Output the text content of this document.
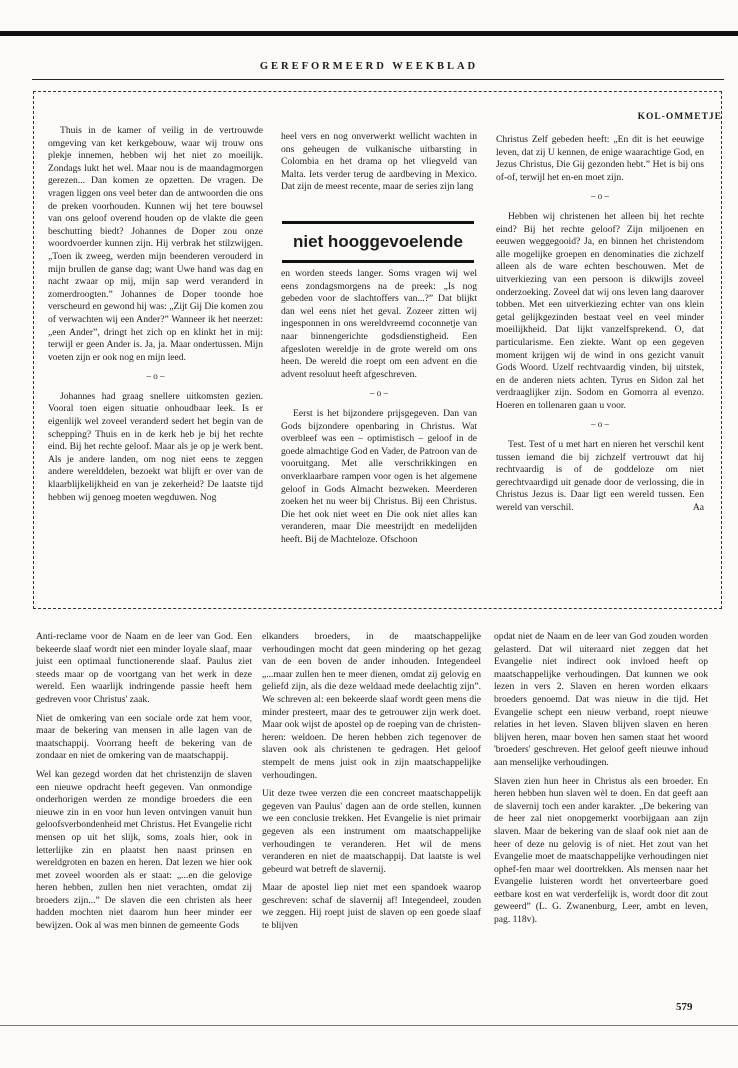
GEREFORMEERD WEEKBLAD
KOL-OMMETJE

Thuis in de kamer of veilig in de vertrouwde omgeving van ket kerkgebouw, waar wij trouw ons plekje innemen, hebben wij het niet zo moeilijk. Zondags lukt het wel. Maar nou is de maandagmorgen gerezen... Dan komen ze opzetten. De vragen. De vragen liggen ons veel beter dan de antwoorden die ons de preken voorhouden. Kunnen wij het tere bouwsel van ons geloof overend houden op de vlakte die geen beschutting biedt? Johannes de Doper zou onze woordvoerder kunnen zijn. Hij verbrak het stilzwijgen. „Toen ik zweeg, werden mijn beenderen verouderd in mijn brullen de ganse dag; want Uwe hand was dag en nacht zwaar op mij, mijn sap werd veranderd in zomerdroogten.” Johannes de Doper toonde hoe verscheurd en gewond hij was: „Zijt Gij Die komen zou of verwachten wij een Ander?” Wanneer ik het neerzet: „een Ander”, dringt het zich op en klinkt het in mij: terwijl er geen Ander is. Ja, ja. Maar ondertussen. Mijn voeten zijn er ook nog en mijn leed.

– o –

Johannes had graag snellere uitkomsten gezien. Vooral toen eigen situatie onhoudbaar leek. Is er eigenlijk wel zoveel veranderd sedert het begin van de schepping? Thuis en in de kerk heb je bij het rechte eind. Bij het rechte geloof. Maar als je op je werk bent. Als je andere landen, om nog niet eens te zeggen andere werelddelen, bezoekt wat blijft er over van de klaarblijkelijkheid en van je zekerheid? De laatste tijd hebben wij genoeg moeten wegduwen. Nog

heel vers en nog onverwerkt wellicht wachten in ons geheugen de vulkanische uitbarsting in Colombia en het drama op het vliegveld van Malta. Iets verder terug de aardbeving in Mexico. Dat zijn de meest recente, maar de series zijn lang

niet hooggevoelende

en worden steeds langer. Soms vragen wij wel eens zondagsmorgens na de preek: „Is nog gebeden voor de slachtoffers van...?” Dat blijkt dan wel eens niet het geval. Zozeer zitten wij ingesponnen in ons wereldvreemd coconnetje van naar binnengerichte godsdienstigheid. Een afgesloten wereldje in de grote wereld om ons heen. De wereld die roept om een advent en die advent resoluut heeft afgeschreven.

– o –

Eerst is het bijzondere prijsgegeven. Dan van Gods bijzondere openbaring in Christus. Wat overbleef was een – optimistisch – geloof in de goede almachtige God en Vader, de Patroon van de vooruitgang. Met alle verschrikkingen en onverklaarbare rampen voor ogen is het algemene geloof in Gods Almacht bezweken. Meerderen zoeken het nu weer bij Christus. Bij een Christus. Die het ook niet weet en Die ook niet alles kan veranderen, maar Die meestrijdt en medelijden heeft. Bij de Machteloze. Ofschoon

Christus Zelf gebeden heeft: „En dit is het eeuwige leven, dat zij U kennen, de enige waarachtige God, en Jezus Christus, Die Gij gezonden hebt.” Het is bij ons of-of, terwijl het en-en moet zijn.

– o –

Hebben wij christenen het alleen bij het rechte eind? Bij het rechte geloof? Zijn miljoenen en eeuwen weggegooid? Ja, en binnen het christendom alle mogelijke groepen en denominaties die zichzelf alleen als de ware echten beschouwen. Met de uitverkiezing van een persoon is dikwijls zoveel onderzoeking. Zoveel dat wij ons leven lang daarover tobben. Met een uitverkiezing echter van ons klein getal gelijkgezinden bestaat veel en veel minder moeilijkheid. Dat lijkt vanzelfsprekend. O, dat particularisme. Een ziekte. Want op een gegeven moment krijgen wij de wind in ons gezicht vanuit Gods Woord. Uzelf rechtvaardig vinden, bij uitstek, en de anderen niets achten. Tyrus en Sidon zal het verdraaglijker zijn. Sodom en Gomorra al evenzo. Hoeren en tollenaren gaan u voor.

– o –

Test. Test of u met hart en nieren het verschil kent tussen iemand die bij zichzelf vertrouwt dat hij rechtvaardig is of de goddeloze om niet gerechtvaardigd uit genade door de verlossing, die in Christus Jezus is. Daar ligt een wereld tussen. Een wereld van verschil.	Aa

Anti-reclame voor de Naam en de leer van God. Een bekeerde slaaf wordt niet een minder loyale slaaf, maar juist een optimaal functionerende slaaf. Paulus ziet steeds maar op de voortgang van het werk in deze wereld. Een waarlijk indringende passie heeft hem gedreven voor Christus' zaak.

Niet de omkering van een sociale orde zat hem voor, maar de bekering van mensen in alle lagen van de maatschappij. Voorrang heeft de bekering van de zondaar en niet de omkering van de maatschappij.

Wel kan gezegd worden dat het christenzijn de slaven een nieuwe opdracht heeft gegeven. Van onmondige onderhorigen werden ze mondige broeders die een nieuwe zin in en voor hun leven ontvingen vanuit hun geloofsverbondenheid met Christus. Het Evangelie richt mensen op uit het slijk, soms, zoals hier, ook in letterlijke zin en plaatst hen naast prinsen en wereldgroten en bazen en heren. Dat lezen we hier ook met zoveel woorden als er staat: „...en die gelovige heren hebben, zullen hen niet verachten, omdat zij broeders zijn...” De slaven die een christen als heer hadden mochten niet daarom hun heer minder eer bewijzen. Ook al was men binnen de gemeente Gods

elkanders broeders, in de maatschappelijke verhoudingen mocht dat geen mindering op het gezag van de een boven de ander inhouden. Integendeel „...maar zullen hen te meer dienen, omdat zij gelovig en geliefd zijn, als die deze weldaad mede deelachtig zijn”. We schreven al: een bekeerde slaaf wordt geen mens die minder presteert, maar des te getrouwer zijn werk doet. Maar ook wijst de apostel op de roeping van de christen-heren: weldoen. De heren hebben zich tegenover de slaven ook als christenen te gedragen. Het geloof stempelt de mens juist ook in zijn maatschappelijke verhoudingen.

Uit deze twee verzen die een concreet maatschappelijk gegeven van Paulus' dagen aan de orde stellen, kunnen we een conclusie trekken. Het Evangelie is niet primair gegeven als een instrument om maatschappelijke verhoudingen te veranderen. Het wil de mens veranderen en niet de maatschappij. Dat laatste is wel gebeurd wat betreft de slavernij.

Maar de apostel liep niet met een spandoek waarop geschreven: schaf de slavernij af! Integendeel, zouden we zeggen. Hij roept juist de slaven op een goede slaaf te blijven

opdat niet de Naam en de leer van God zouden worden gelasterd. Dat wil uiteraard niet zeggen dat het Evangelie niet indirect ook invloed heeft op maatschappelijke verhoudingen. Dat kunnen we ook lezen in vers 2. Slaven en heren worden elkaars broeders genoemd. Dat was nieuw in die tijd. Het Evangelie schept een nieuw verband, roept nieuwe relaties in het leven. Slaven blijven slaven en heren blijven heren, maar boven hen samen staat het woord 'broeders' geschreven. Het geloof geeft nieuwe inhoud aan menselijke verhoudingen.

Slaven zien hun heer in Christus als een broeder. En heren hebben hun slaven wèl te doen. En dat geeft aan de slavernij toch een ander karakter. „De bekering van de heer zal niet onopgemerkt voorbijgaan aan zijn slaven. Maar de bekering van de slaaf ook niet aan de heer of deze nu gelovig is of niet. Het zout van het Evangelie moet de maatschappelijke verhoudingen niet ophef-fen maar wel doortrekken. Als mensen naar het Evangelie luisteren wordt het onverteerbare goed eetbare kost en wat verderfelijk is, wordt door dit zout geweerd” (L. G. Zwanenburg, Leer, ambt en leven, pag. 118v).

579
